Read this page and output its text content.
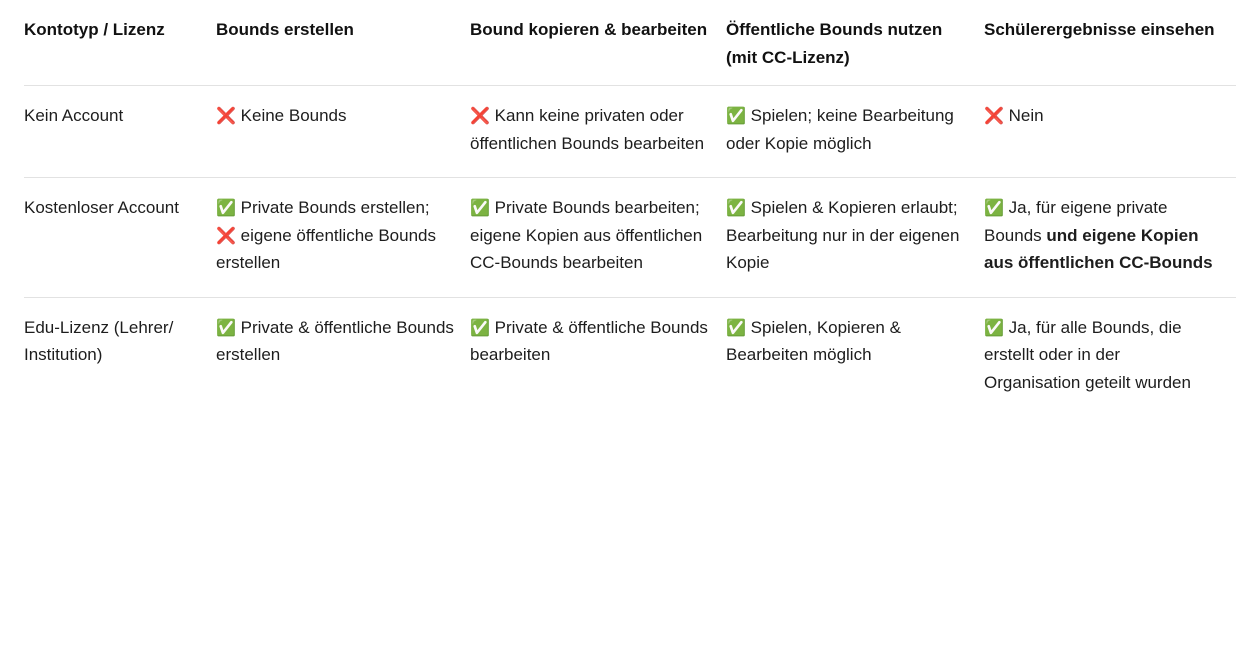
Kontotyp / Lizenz	Bounds erstellen	Bound kopieren & bearbeiten	Öffentliche Bounds nutzen (mit CC-Lizenz)	Schülerergebnisse einsehen
Kein Account	❌ Keine Bounds	❌ Kann keine privaten oder öffentlichen Bounds bearbeiten	✅ Spielen; keine Bearbeitung oder Kopie möglich	❌ Nein
Kostenloser Account	✅ Private Bounds erstellen; ❌ eigene öffentliche Bounds erstellen	✅ Private Bounds bearbeiten; eigene Kopien aus öffentlichen CC-Bounds bearbeiten	✅ Spielen & Kopieren erlaubt; Bearbeitung nur in der eigenen Kopie	✅ Ja, für eigene private Bounds und eigene Kopien aus öffentlichen CC-Bounds
Edu-Lizenz (Lehrer/ Institution)	✅ Private & öffentliche Bounds erstellen	✅ Private & öffentliche Bounds bearbeiten	✅ Spielen, Kopieren & Bearbeiten möglich	✅ Ja, für alle Bounds, die erstellt oder in der Organisation geteilt wurden
